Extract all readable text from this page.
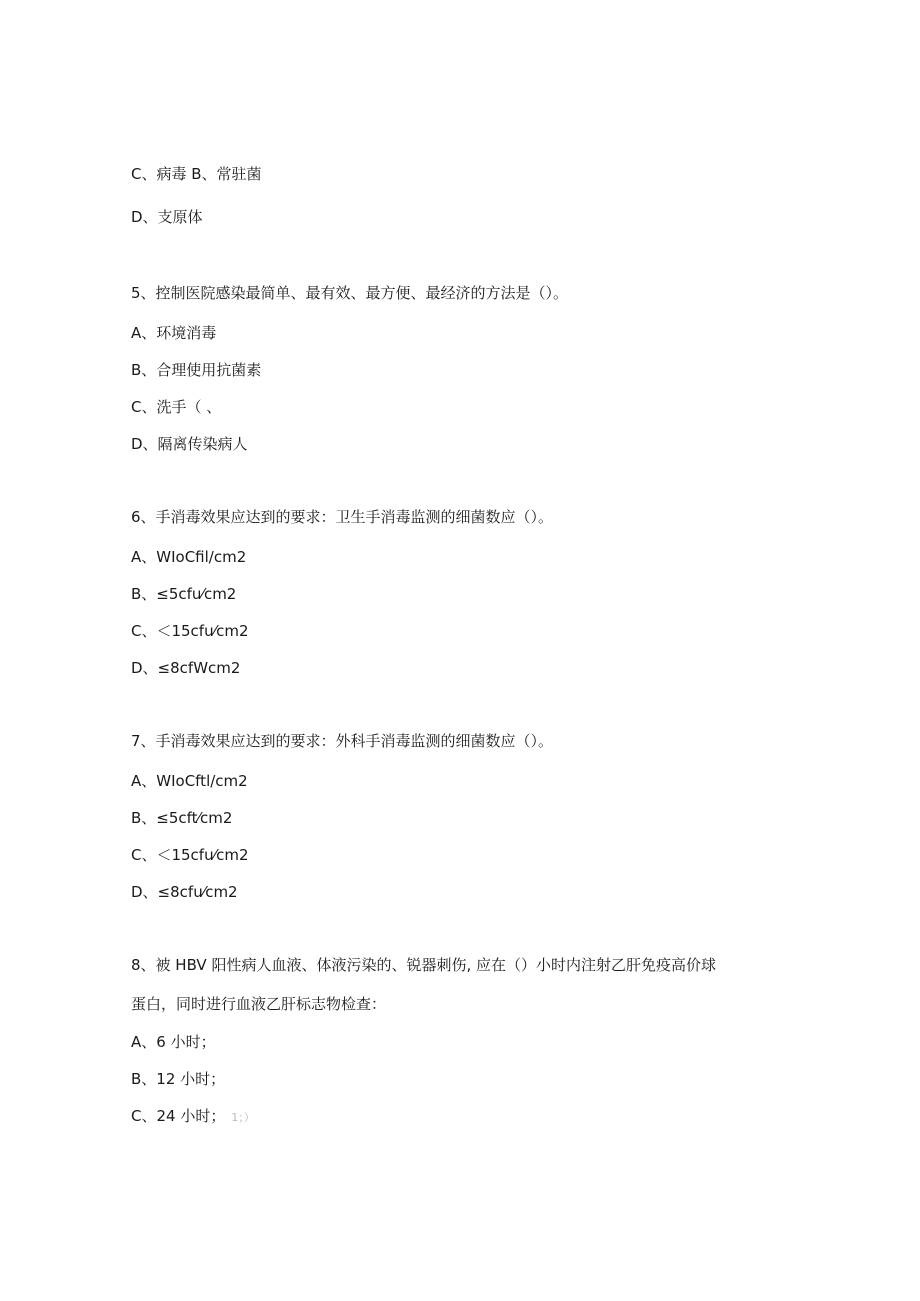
C、病毒 B、常驻菌
D、支原体
5、控制医院感染最简单、最有效、最方便、最经济的方法是（）。
A、环境消毒
B、合理使用抗菌素
C、洗手（ 、
D、隔离传染病人
6、手消毒效果应达到的要求：卫生手消毒监测的细菌数应（）。
A、WIoCfil/cm2
B、≤5cfu⁄cm2
C、＜15cfu⁄cm2
D、≤8cfWcm2
7、手消毒效果应达到的要求：外科手消毒监测的细菌数应（）。
A、WIoCftl/cm2
B、≤5cft⁄cm2
C、＜15cfu⁄cm2
D、≤8cfu⁄cm2
8、被 HBV 阳性病人血液、体液污染的、锐器刺伤, 应在（）小时内注射乙肝免疫高价球
蛋白，同时进行血液乙肝标志物检查：
A、6 小时；
B、12 小时；
C、24 小时； 1；）
